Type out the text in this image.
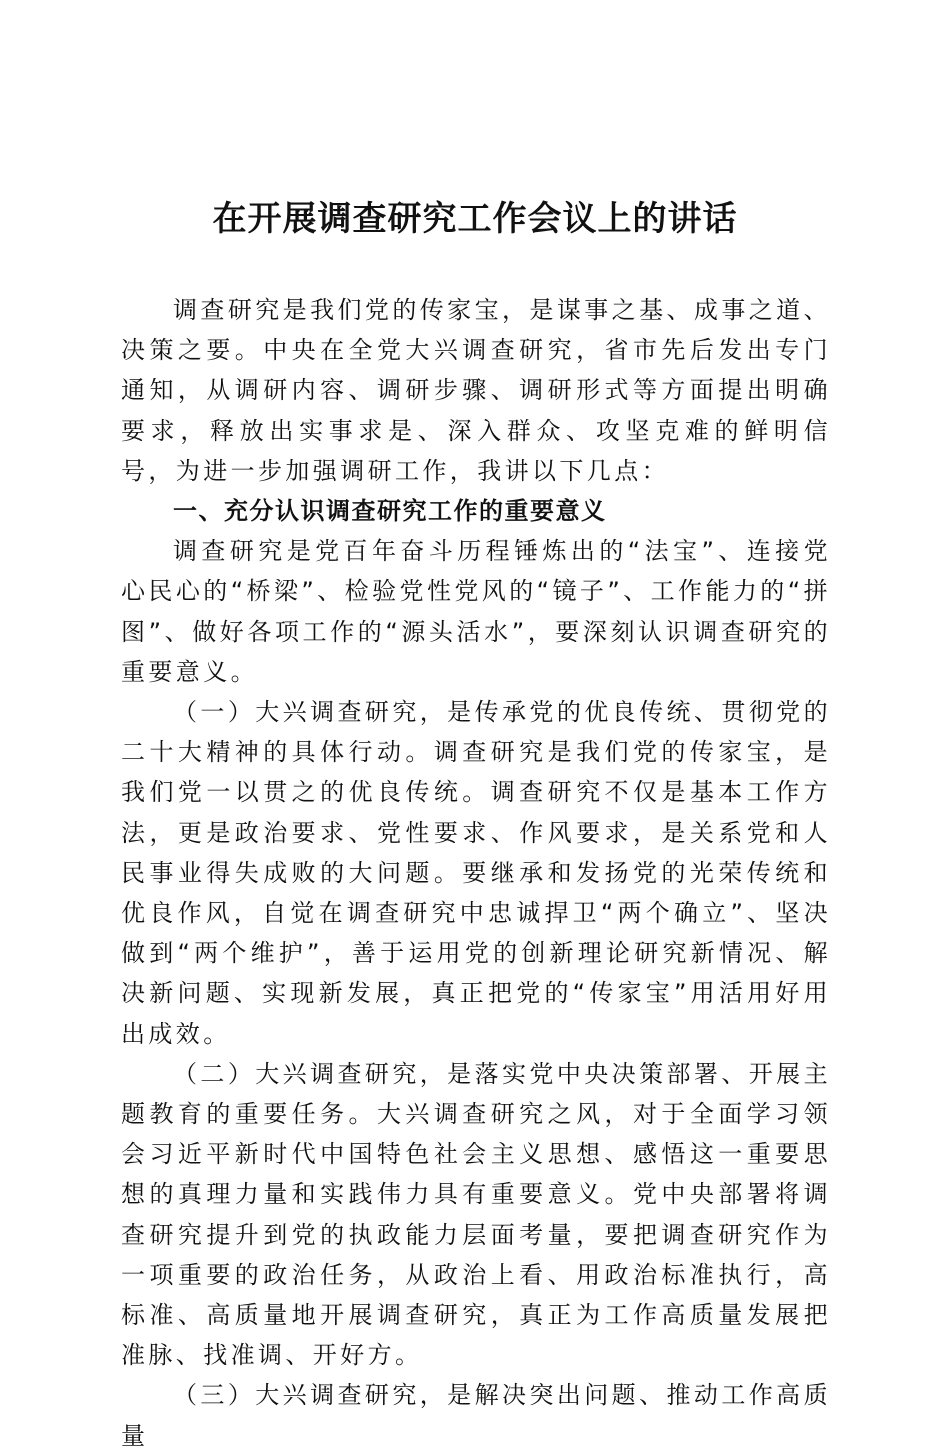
在开展调查研究工作会议上的讲话

调查研究是我们党的传家宝，是谋事之基、成事之道、决策之要。中央在全党大兴调查研究，省市先后发出专门通知，从调研内容、调研步骤、调研形式等方面提出明确要求，释放出实事求是、深入群众、攻坚克难的鲜明信号，为进一步加强调研工作，我讲以下几点：

一、充分认识调查研究工作的重要意义

调查研究是党百年奋斗历程锤炼出的“法宝”、连接党心民心的“桥梁”、检验党性党风的“镜子”、工作能力的“拼图”、做好各项工作的“源头活水”，要深刻认识调查研究的重要意义。

（一）大兴调查研究，是传承党的优良传统、贯彻党的二十大精神的具体行动。调查研究是我们党的传家宝，是我们党一以贯之的优良传统。调查研究不仅是基本工作方法，更是政治要求、党性要求、作风要求，是关系党和人民事业得失成败的大问题。要继承和发扬党的光荣传统和优良作风，自觉在调查研究中忠诚捍卫“两个确立”、坚决做到“两个维护”，善于运用党的创新理论研究新情况、解决新问题、实现新发展，真正把党的“传家宝”用活用好用出成效。

（二）大兴调查研究，是落实党中央决策部署、开展主题教育的重要任务。大兴调查研究之风，对于全面学习领会习近平新时代中国特色社会主义思想、感悟这一重要思想的真理力量和实践伟力具有重要意义。党中央部署将调查研究提升到党的执政能力层面考量，要把调查研究作为一项重要的政治任务，从政治上看、用政治标准执行，高标准、高质量地开展调查研究，真正为工作高质量发展把准脉、找准调、开好方。

（三）大兴调查研究，是解决突出问题、推动工作高质量
